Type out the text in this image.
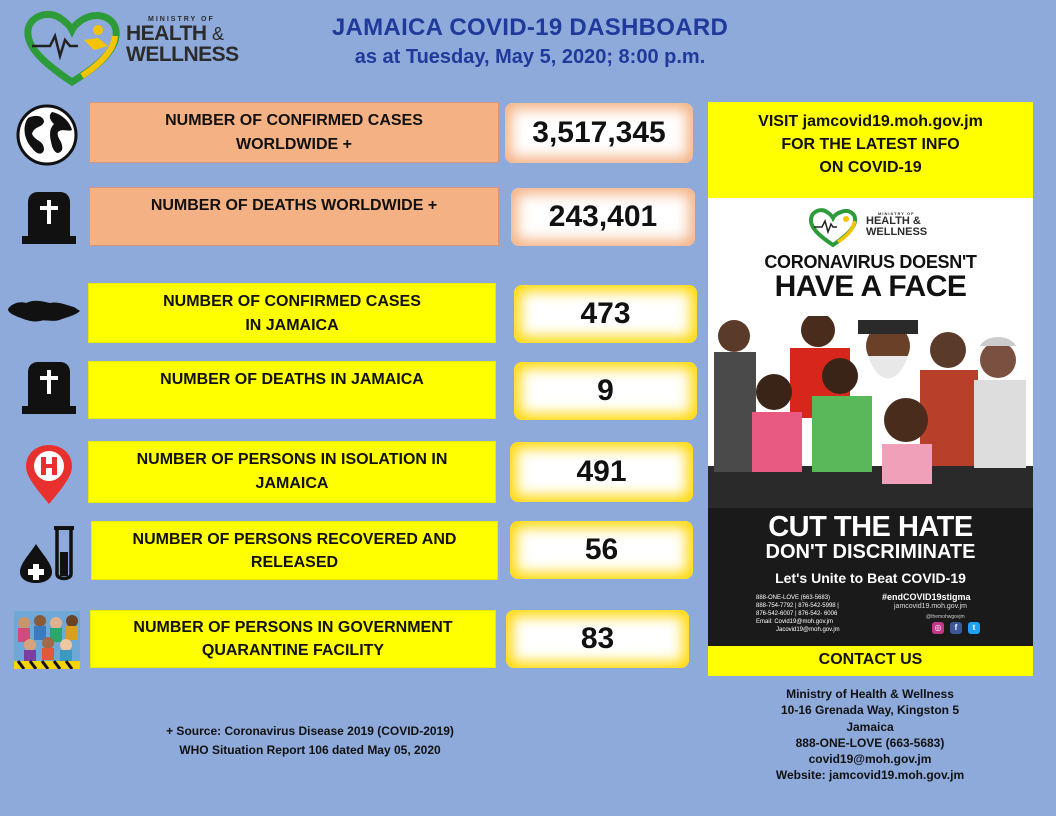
MINISTRY OF
HEALTH &
WELLNESS
JAMAICA COVID-19 DASHBOARD
as at Tuesday, May 5, 2020; 8:00 p.m.
NUMBER OF CONFIRMED CASES
WORLDWIDE +	3,517,345
NUMBER OF DEATHS WORLDWIDE +	243,401
NUMBER OF CONFIRMED CASES
IN JAMAICA	473
NUMBER OF DEATHS IN JAMAICA	9
NUMBER OF PERSONS IN ISOLATION IN
JAMAICA	491
NUMBER OF PERSONS RECOVERED AND
RELEASED	56
NUMBER OF PERSONS IN GOVERNMENT
QUARANTINE FACILITY	83
VISIT jamcovid19.moh.gov.jm
FOR THE LATEST INFO
ON COVID-19
MINISTRY OF
HEALTH &
WELLNESS
CORONAVIRUS DOESN'T
HAVE A FACE
CUT THE HATE
DON'T DISCRIMINATE
Let's Unite to Beat COVID-19
888-ONE-LOVE (663-5683)
888-754-7792 | 876-542-5998 |
876-542-6007 | 876-542- 6006
Email: Covid19@moh.gov.jm
Jacovid19@moh.gov.jm
#endCOVID19stigma
jamcovid19.moh.gov.jm
@themohwgovjm
◎	f	t
CONTACT US
Ministry of Health & Wellness
10-16 Grenada Way, Kingston 5
Jamaica
888-ONE-LOVE (663-5683)
covid19@moh.gov.jm
Website: jamcovid19.moh.gov.jm
+ Source: Coronavirus Disease 2019 (COVID-2019)
WHO Situation Report 106 dated May 05, 2020
